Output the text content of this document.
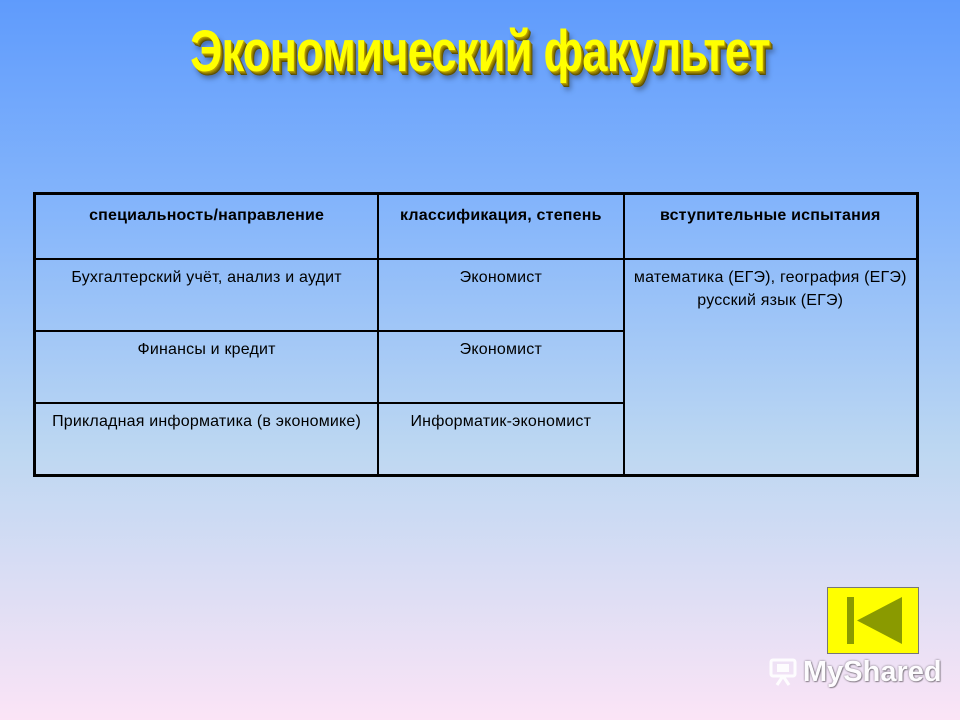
Экономический факультет
специальность/направление	классификация, степень	вступительные испытания
Бухгалтерский учёт, анализ и аудит	Экономист	математика (ЕГЭ), география (ЕГЭ) русский язык (ЕГЭ)
Финансы и кредит	Экономист	
Прикладная информатика (в экономике)	Информатик-экономист	
MyShared
